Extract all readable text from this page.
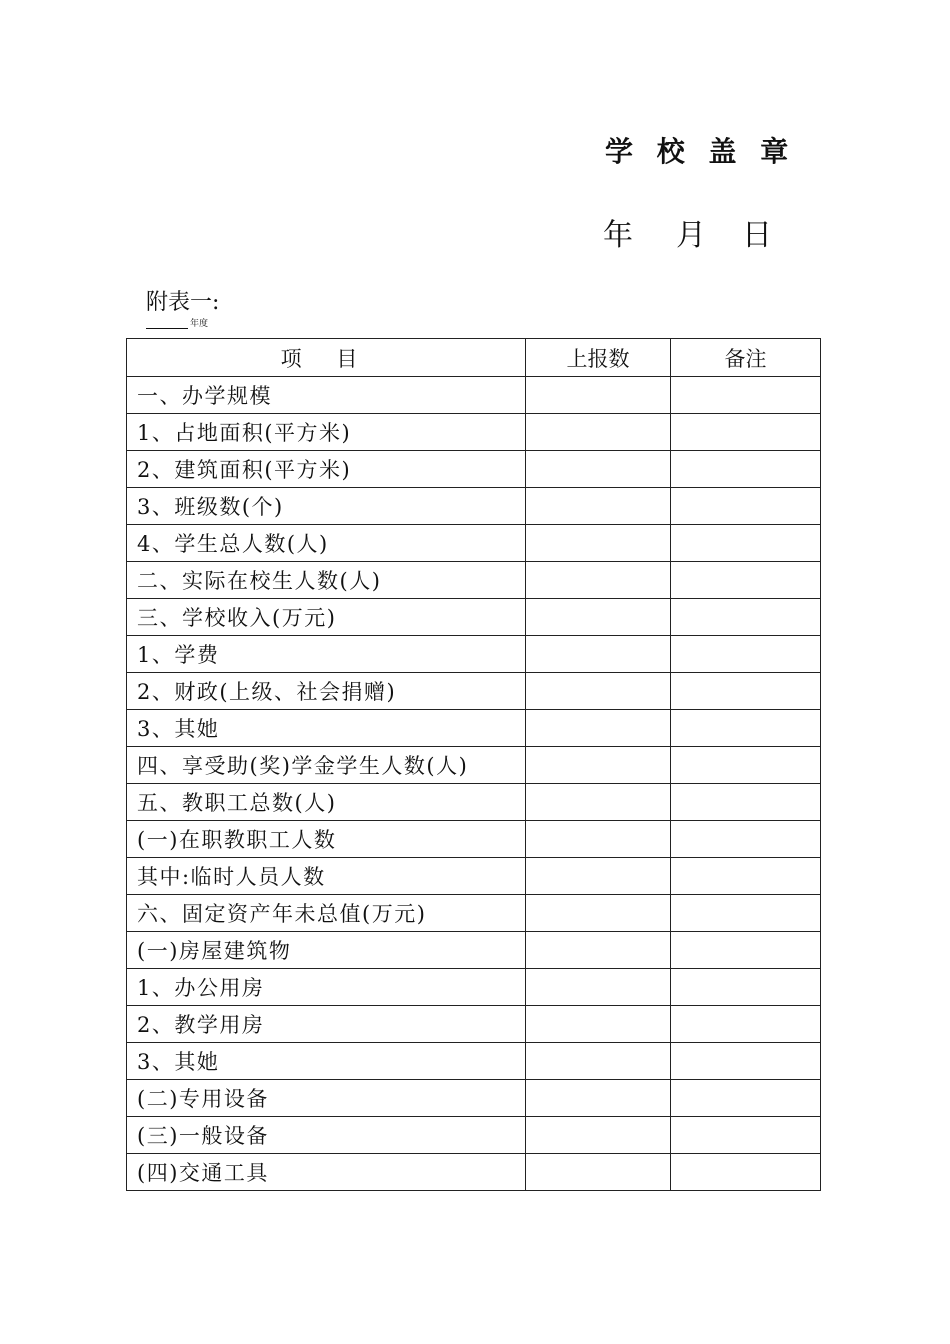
学 校 盖 章
年 月 日
附表一:
年度
项 目	上报数	备注
一、办学规模		
1、占地面积(平方米)		
2、建筑面积(平方米)		
3、班级数(个)		
4、学生总人数(人)		
二、实际在校生人数(人)		
三、学校收入(万元)		
1、学费		
2、财政(上级、社会捐赠)		
3、其她		
四、享受助(奖)学金学生人数(人)		
五、教职工总数(人)		
(一)在职教职工人数		
其中:临时人员人数		
六、固定资产年未总值(万元)		
(一)房屋建筑物		
1、办公用房		
2、教学用房		
3、其她		
(二)专用设备		
(三)一般设备		
(四)交通工具		
